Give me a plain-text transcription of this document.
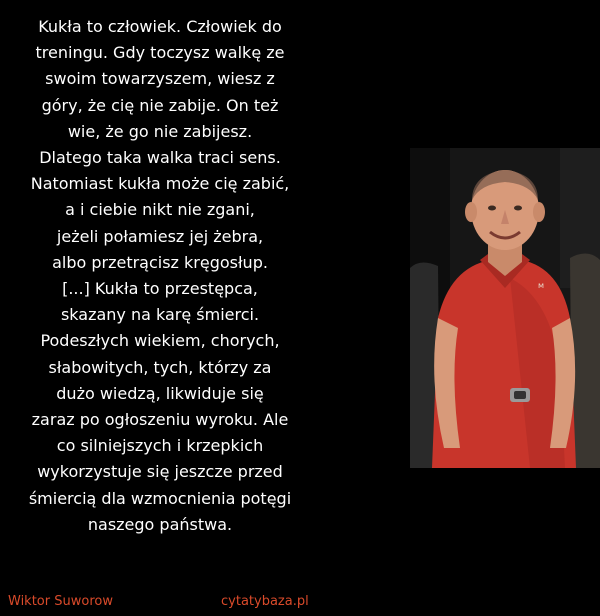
Kukła to człowiek. Człowiek do
treningu. Gdy toczysz walkę ze
swoim towarzyszem, wiesz z
góry, że cię nie zabije. On też
wie, że go nie zabijesz.
Dlatego taka walka traci sens.
Natomiast kukła może cię zabić,
a i ciebie nikt nie zgani,
jeżeli połamiesz jej żebra,
albo przetrącisz kręgosłup.
[...] Kukła to przestępca,
skazany na karę śmierci.
Podeszłych wiekiem, chorych,
słabowitych, tych, którzy za
dużo wiedzą, likwiduje się
zaraz po ogłoszeniu wyroku. Ale
co silniejszych i krzepkich
wykorzystuje się jeszcze przed
śmiercią dla wzmocnienia potęgi
naszego państwa.
ᴍ
Wiktor Suworow	cytatybaza.pl
